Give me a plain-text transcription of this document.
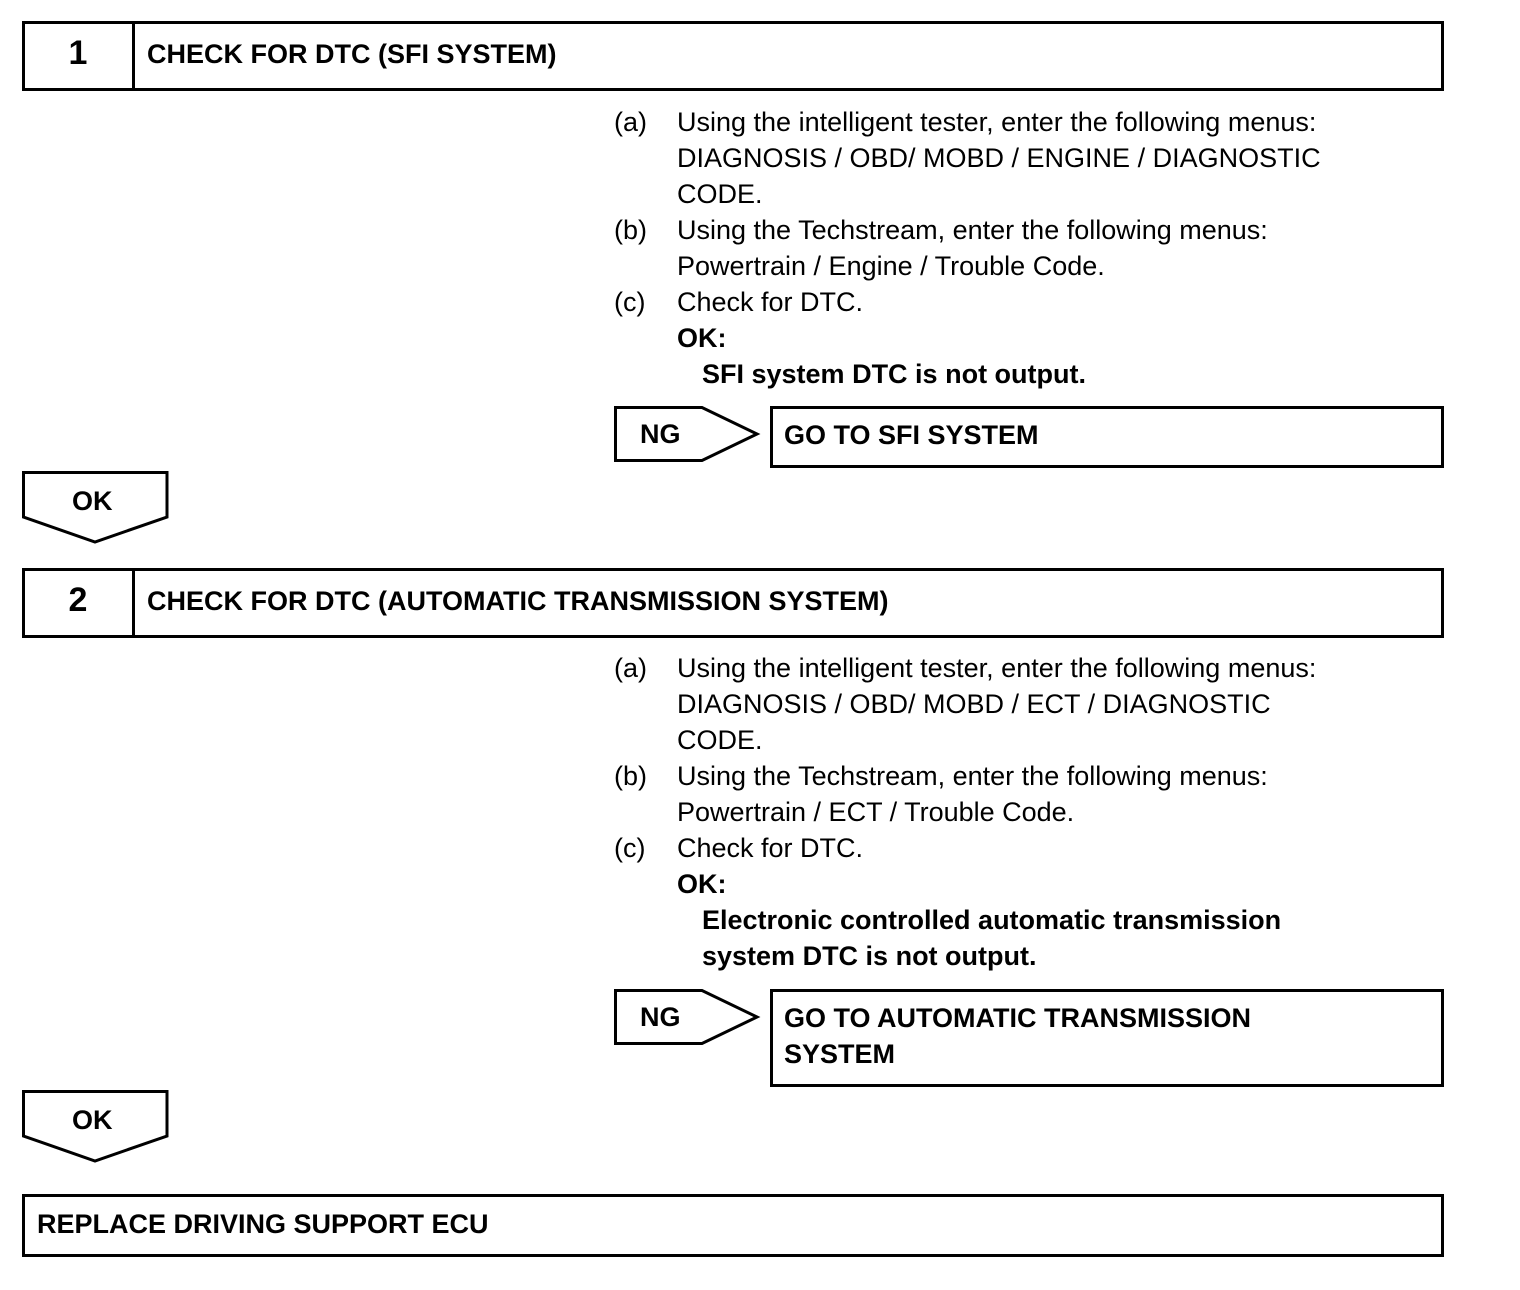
1	CHECK FOR DTC (SFI SYSTEM)
(a) Using the intelligent tester, enter the following menus:
DIAGNOSIS / OBD/ MOBD / ENGINE / DIAGNOSTIC
CODE.
(b) Using the Techstream, enter the following menus:
Powertrain / Engine / Trouble Code.
(c) Check for DTC.
OK:
SFI system DTC is not output.
NG	GO TO SFI SYSTEM
OK
2	CHECK FOR DTC (AUTOMATIC TRANSMISSION SYSTEM)
(a) Using the intelligent tester, enter the following menus:
DIAGNOSIS / OBD/ MOBD / ECT / DIAGNOSTIC
CODE.
(b) Using the Techstream, enter the following menus:
Powertrain / ECT / Trouble Code.
(c) Check for DTC.
OK:
Electronic controlled automatic transmission
system DTC is not output.
NG	GO TO AUTOMATIC TRANSMISSION
SYSTEM
OK
REPLACE DRIVING SUPPORT ECU
